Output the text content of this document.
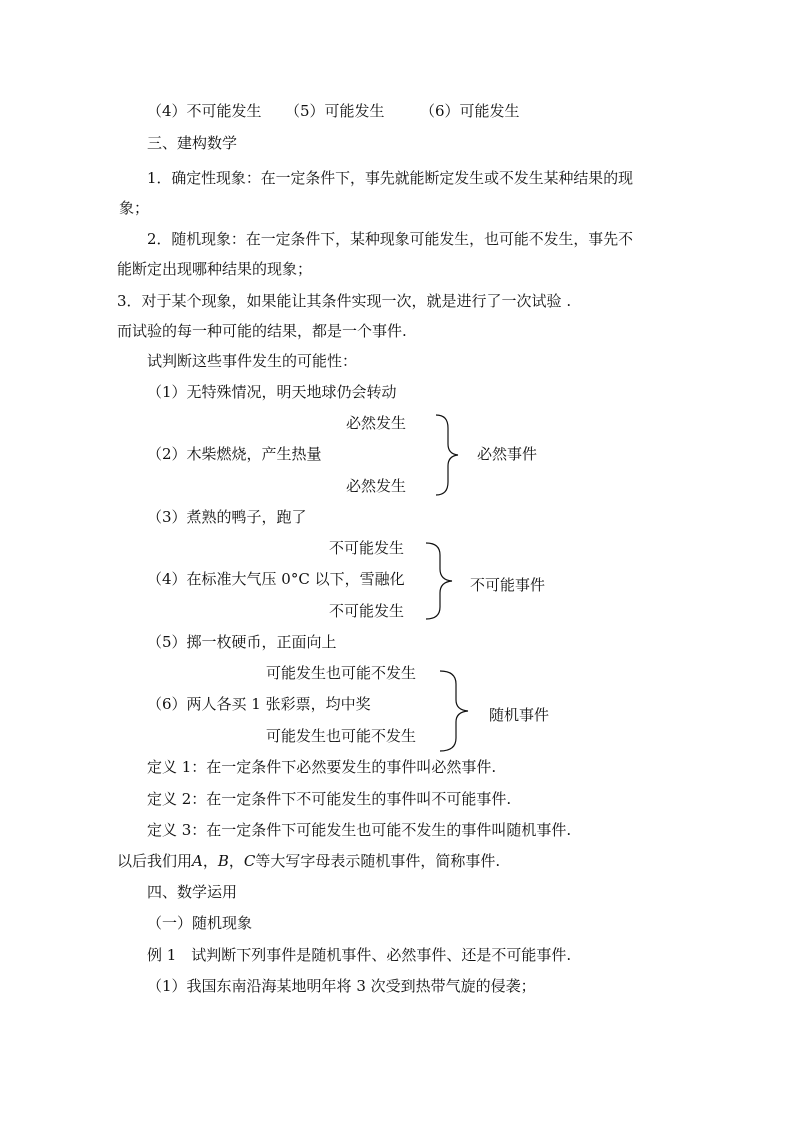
（4）不可能发生 （5）可能发生 （6）可能发生
三、建构数学
1．确定性现象：在一定条件下，事先就能断定发生或不发生某种结果的现
象；
2．随机现象：在一定条件下，某种现象可能发生，也可能不发生，事先不
能断定出现哪种结果的现象；
3．对于某个现象，如果能让其条件实现一次，就是进行了一次试验 .
而试验的每一种可能的结果，都是一个事件.
试判断这些事件发生的可能性：
（1）无特殊情况，明天地球仍会转动
必然发生
（2）木柴燃烧，产生热量
必然发生
必然事件
（3）煮熟的鸭子，跑了
不可能发生
（4）在标准大气压 0°C 以下，雪融化
不可能发生
不可能事件
（5）掷一枚硬币，正面向上
可能发生也可能不发生
（6）两人各买 1 张彩票，均中奖
可能发生也可能不发生
随机事件
定义 1：在一定条件下必然要发生的事件叫必然事件.
定义 2：在一定条件下不可能发生的事件叫不可能事件.
定义 3：在一定条件下可能发生也可能不发生的事件叫随机事件.
以后我们用A，B，C等大写字母表示随机事件，简称事件.
四、数学运用
（一）随机现象
例 1　试判断下列事件是随机事件、必然事件、还是不可能事件.
（1）我国东南沿海某地明年将 3 次受到热带气旋的侵袭；
